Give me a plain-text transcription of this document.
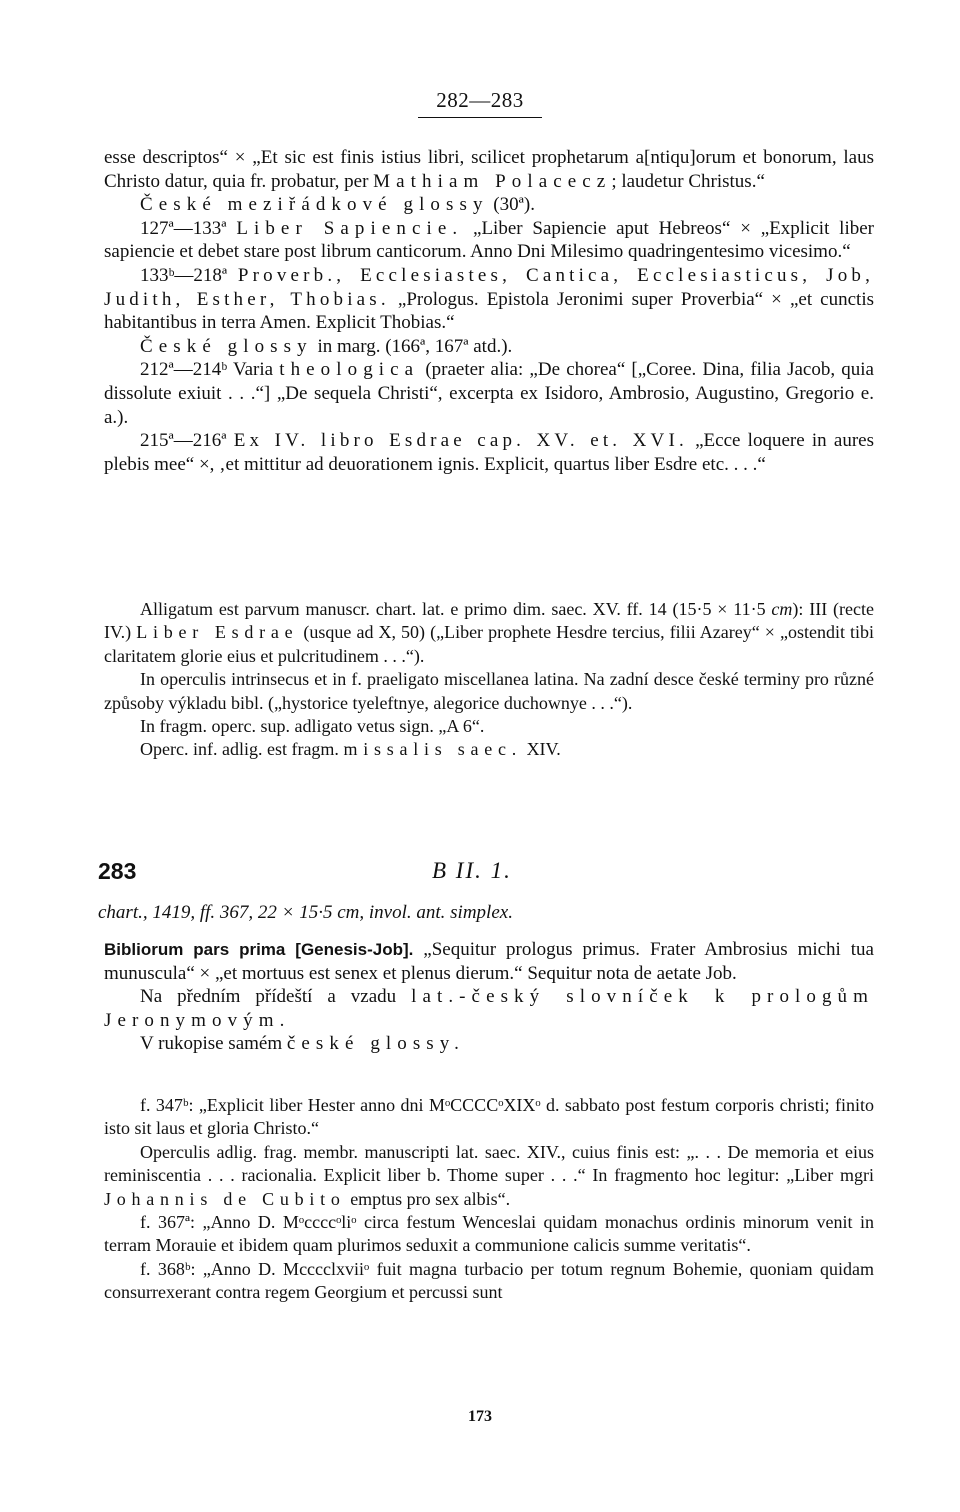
282—283

esse descriptos“ × „Et sic est finis istius libri, scilicet prophetarum a[ntiqu]orum et bonorum, laus Christo datur, quia fr. probatur, per Mathiam Polacecz; laudetur Christus.“

České meziřádkové glossy (30ª).

127ª—133ª Liber Sapiencie. „Liber Sapiencie aput Hebreos“ × „Explicit liber sapiencie et debet stare post librum canticorum. Anno Dni Milesimo quadringentesimo vicesimo.“

133ᵇ—218ª Proverb., Ecclesiastes, Cantica, Ecclesiasticus, Job, Judith, Esther, Thobias. „Prologus. Epistola Jeronimi super Proverbia“ × „et cunctis habitantibus in terra Amen. Explicit Thobias.“

České glossy in marg. (166ª, 167ª atd.).

212ª—214ᵇ Varia theologica (praeter alia: „De chorea“ [„Coree. Dina, filia Jacob, quia dissolute exiuit . . .“] „De sequela Christi“, excerpta ex Isidoro, Ambrosio, Augustino, Gregorio e. a.).

215ª—216ª Ex IV. libro Esdrae cap. XV. et. XVI. „Ecce loquere in aures plebis mee“ ×, ‚et mittitur ad deuorationem ignis. Explicit, quartus liber Esdre etc. . . .“

Alligatum est parvum manuscr. chart. lat. e primo dim. saec. XV. ff. 14 (15·5 × 11·5 cm): III (recte IV.) Liber Esdrae (usque ad X, 50) („Liber prophete Hesdre tercius, filii Azarey“ × „ostendit tibi claritatem glorie eius et pulcritudinem . . .“).

In operculis intrinsecus et in f. praeligato miscellanea latina. Na zadní desce české terminy pro různé způsoby výkladu bibl. („hystorice tyeleftnye, alegorice duchownye . . .“).

In fragm. operc. sup. adligato vetus sign. „A 6“.

Operc. inf. adlig. est fragm. missalis saec. XIV.

283	B II. 1.
chart., 1419, ff. 367, 22 × 15·5 cm, invol. ant. simplex.

Bibliorum pars prima [Genesis-Job]. „Sequitur prologus primus. Frater Ambrosius michi tua munuscula“ × „et mortuus est senex et plenus dierum.“ Sequitur nota de aetate Job.

Na předním přídeští a vzadu lat.-český slovníček k prologům Jeronymovým.

V rukopise samém české glossy.

f. 347ᵇ: „Explicit liber Hester anno dni MᵒCCCCᵒXIXᵒ d. sabbato post festum corporis christi; finito isto sit laus et gloria Christo.“

Operculis adlig. frag. membr. manuscripti lat. saec. XIV., cuius finis est: „. . . De memoria et eius reminiscentia . . . racionalia. Explicit liber b. Thome super . . .“ In fragmento hoc legitur: „Liber mgri Johannis de Cubito emptus pro sex albis“.

f. 367ª: „Anno D. Mᵒccccᵒliᵒ circa festum Wenceslai quidam monachus ordinis minorum venit in terram Morauie et ibidem quam plurimos seduxit a communione calicis summe veritatis“.

f. 368ᵇ: „Anno D. Mcccclxviiᵒ fuit magna turbacio per totum regnum Bohemie, quoniam quidam consurrexerant contra regem Georgium et percussi sunt

173
